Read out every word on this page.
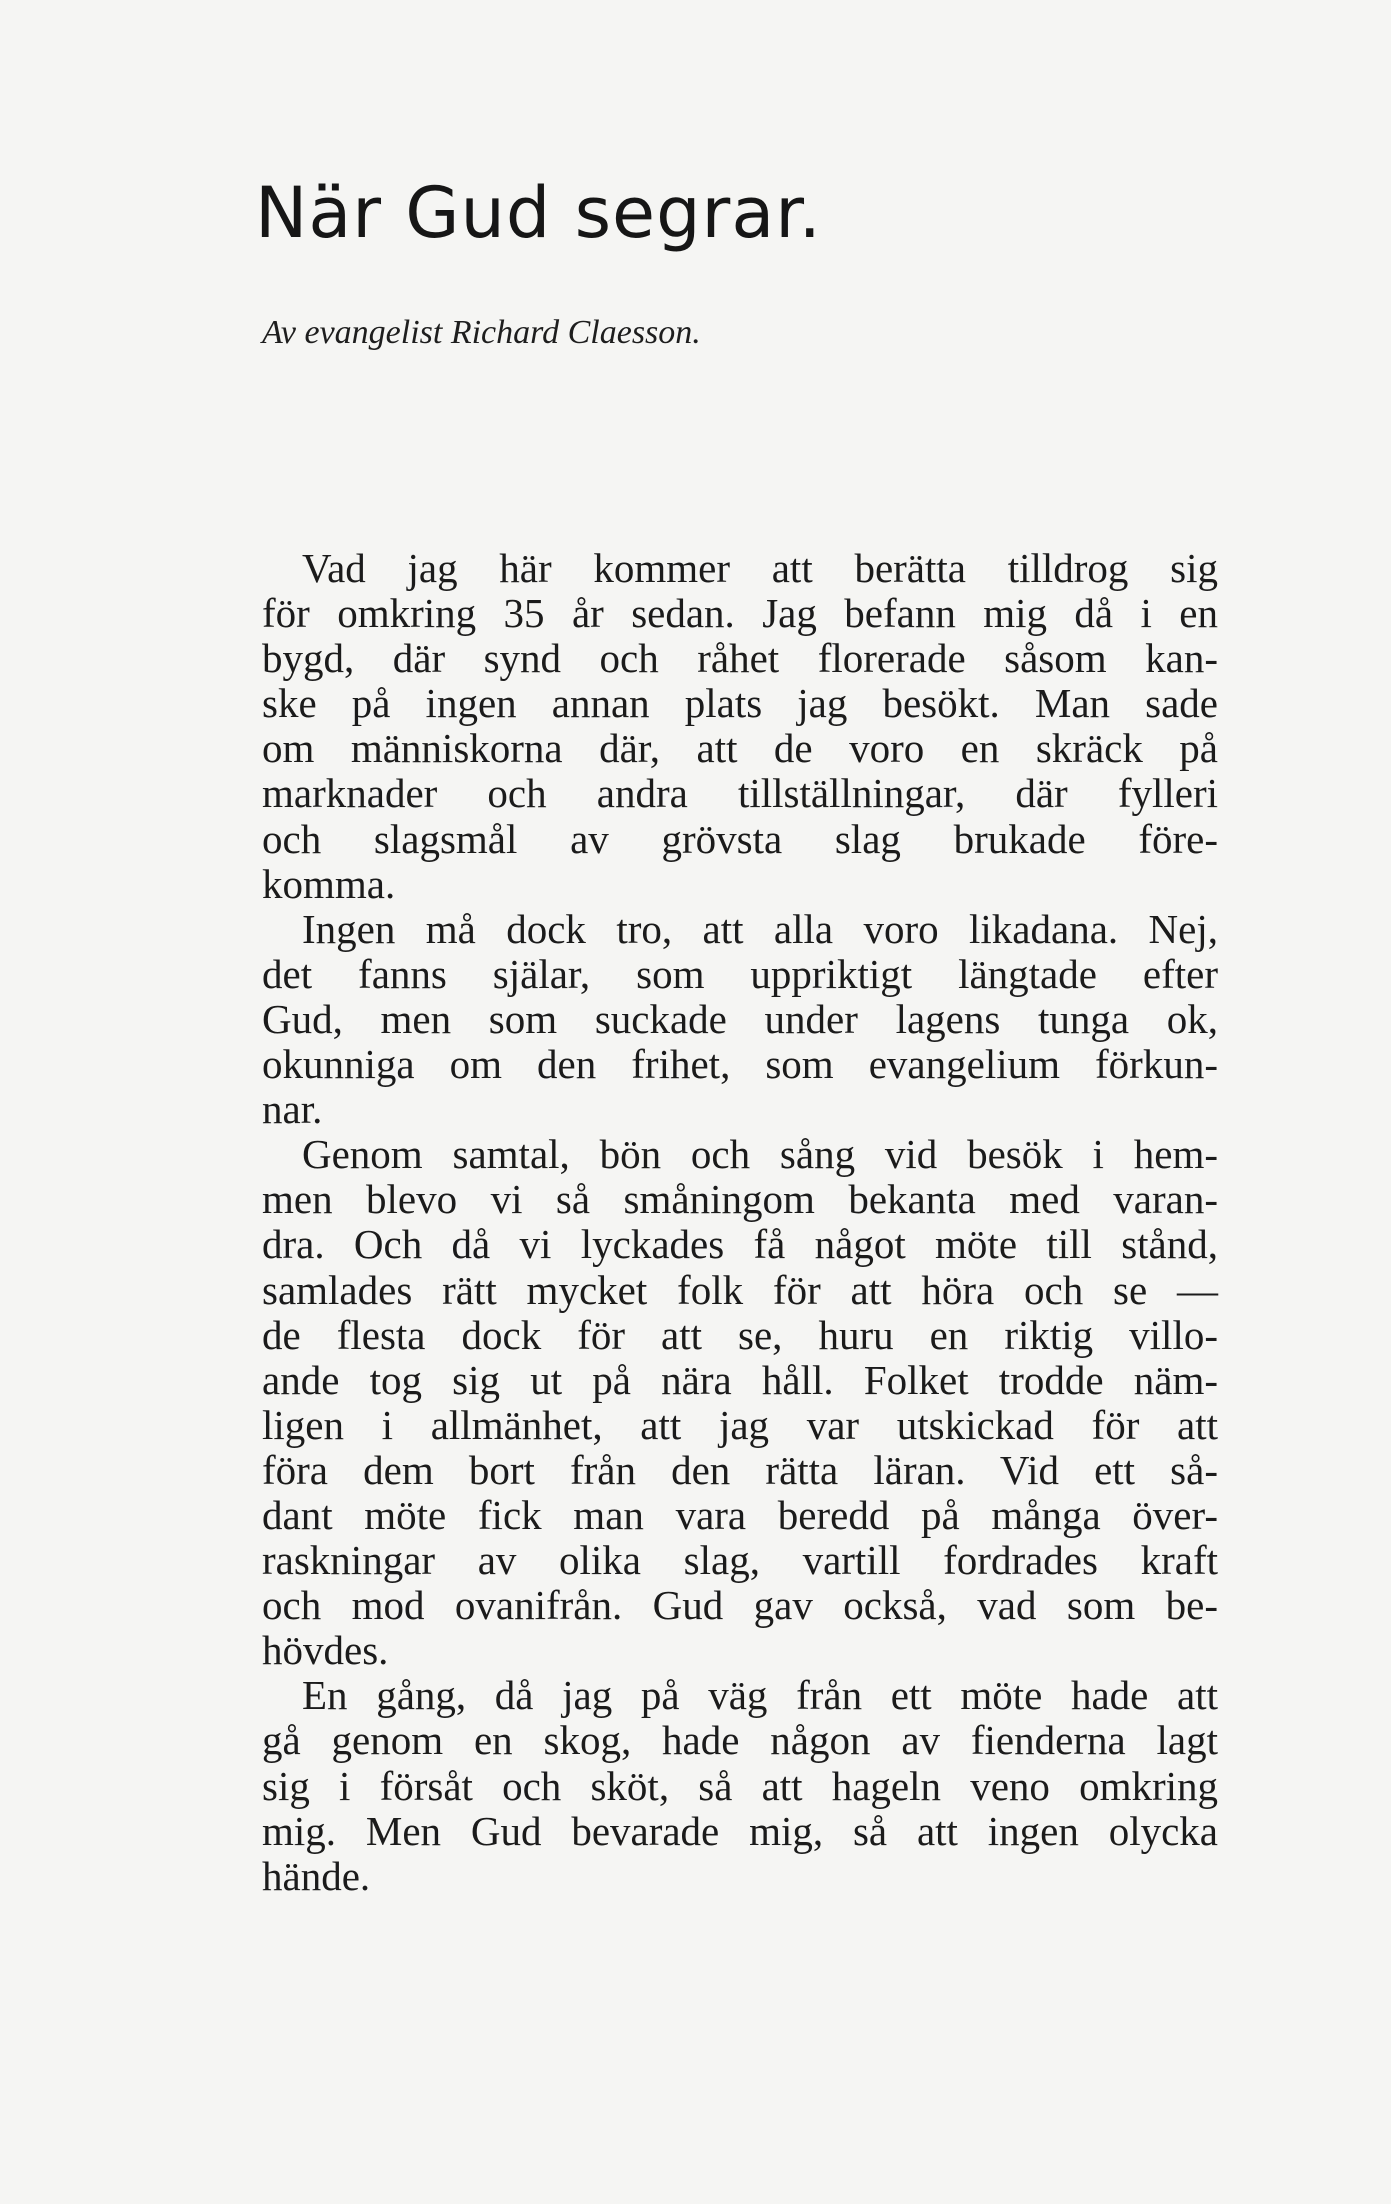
När Gud segrar.

Av evangelist Richard Claesson.

Vad jag här kommer att berätta tilldrog sig
för omkring 35 år sedan. Jag befann mig då i en
bygd, där synd och råhet florerade såsom kan-
ske på ingen annan plats jag besökt. Man sade
om människorna där, att de voro en skräck på
marknader och andra tillställningar, där fylleri
och slagsmål av grövsta slag brukade före-
komma.
Ingen må dock tro, att alla voro likadana. Nej,
det fanns själar, som uppriktigt längtade efter
Gud, men som suckade under lagens tunga ok,
okunniga om den frihet, som evangelium förkun-
nar.
Genom samtal, bön och sång vid besök i hem-
men blevo vi så småningom bekanta med varan-
dra. Och då vi lyckades få något möte till stånd,
samlades rätt mycket folk för att höra och se —
de flesta dock för att se, huru en riktig villo-
ande tog sig ut på nära håll. Folket trodde näm-
ligen i allmänhet, att jag var utskickad för att
föra dem bort från den rätta läran. Vid ett så-
dant möte fick man vara beredd på många över-
raskningar av olika slag, vartill fordrades kraft
och mod ovanifrån. Gud gav också, vad som be-
hövdes.
En gång, då jag på väg från ett möte hade att
gå genom en skog, hade någon av fienderna lagt
sig i försåt och sköt, så att hageln veno omkring
mig. Men Gud bevarade mig, så att ingen olycka
hände.
